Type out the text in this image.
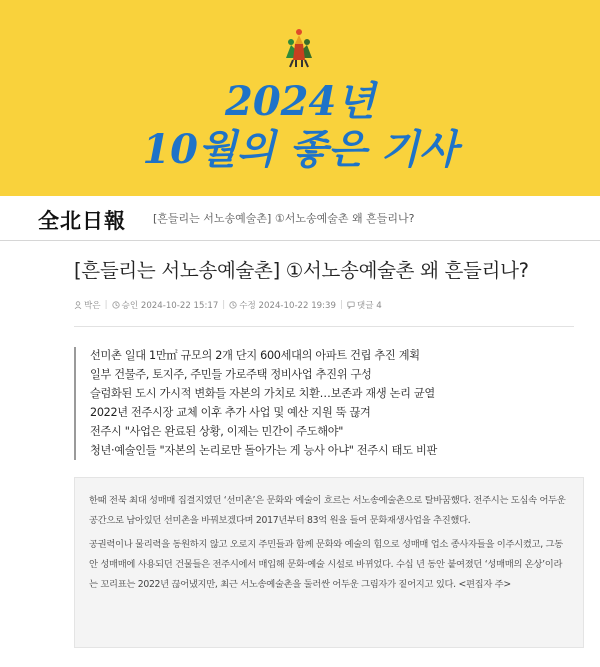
2024년
10월의 좋은 기사
全北日報 [흔들리는 서노송예술촌] ①서노송예술촌 왜 흔들리나?
[흔들리는 서노송예술촌] ①서노송예술촌 왜 흔들리나?
박은 | 승인 2024-10-22 15:17 | 수정 2024-10-22 19:39 | 댓글 4
선미촌 일대 1만㎡ 규모의 2개 단지 600세대의 아파트 건립 추진 계획
일부 건물주, 토지주, 주민들 가로주택 정비사업 추진위 구성
슬럼화된 도시 가시적 변화들 자본의 가치로 치환…보존과 재생 논리 균열
2022년 전주시장 교체 이후 추가 사업 및 예산 지원 뚝 끊겨
전주시 "사업은 완료된 상황, 이제는 민간이 주도해야"
청년·예술인들 "자본의 논리로만 돌아가는 게 능사 아냐" 전주시 태도 비판

한때 전북 최대 성매매 집결지였던 ‘선미촌’은 문화와 예술이 흐르는 서노송예술촌으로 탈바꿈했다. 전주시는 도심속 어두운 공간으로 남아있던 선미촌을 바꿔보겠다며 2017년부터 83억 원을 들여 문화재생사업을 추진했다.

공권력이나 물리력을 동원하지 않고 오로지 주민들과 함께 문화와 예술의 힘으로 성매매 업소 종사자들을 이주시켰고, 그동안 성매매에 사용되던 건물들은 전주시에서 매입해 문화·예술 시설로 바뀌었다. 수십 년 동안 붙여졌던 ‘성매매의 온상’이라는 꼬리표는 2022년 끊어냈지만, 최근 서노송예술촌을 둘러싼 어두운 그림자가 짙어지고 있다. <편집자 주>
